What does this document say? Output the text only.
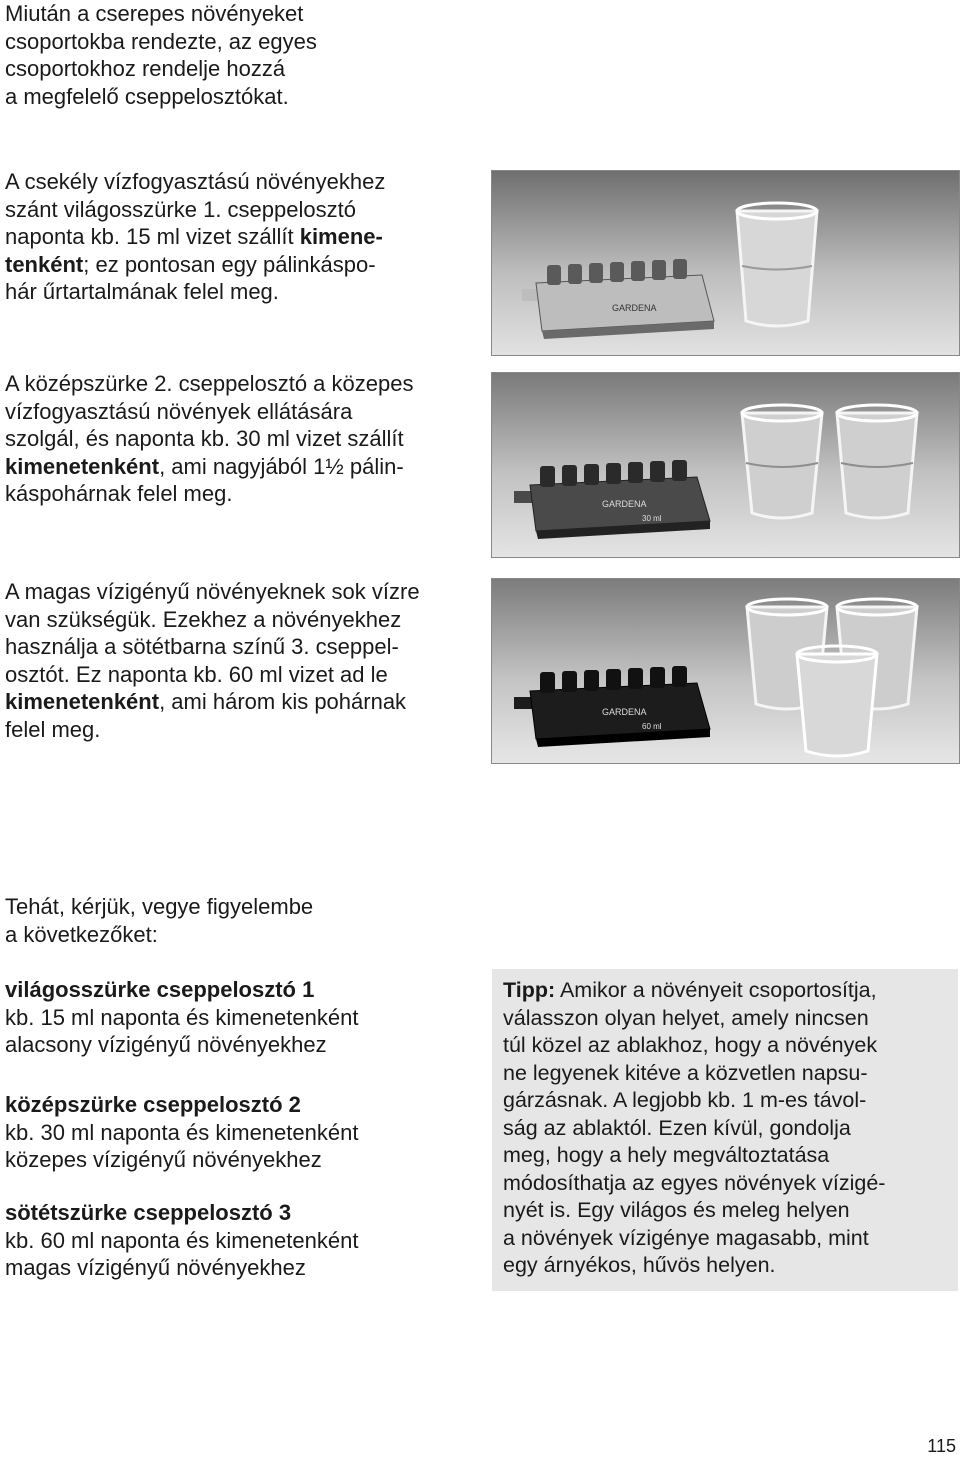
Miután a cserepes növényeket

csoportokba rendezte, az egyes

csoportokhoz rendelje hozzá

a megfelelő cseppelosztókat.

A csekély vízfogyasztású növényekhez

szánt világosszürke 1. cseppelosztó

naponta kb. 15 ml vizet szállít kimene-

tenként; ez pontosan egy pálinkáspo-

hár űrtartalmának felel meg.

A középszürke 2. cseppelosztó a közepes

vízfogyasztású növények ellátására

szolgál, és naponta kb. 30 ml vizet szállít

kimenetenként, ami nagyjából 1½ pálin-

káspohárnak felel meg.

A magas vízigényű növényeknek sok vízre

van szükségük. Ezekhez a növényekhez

használja a sötétbarna színű 3. cseppel-

osztót. Ez naponta kb. 60 ml vizet ad le

kimenetenként, ami három kis pohárnak

felel meg.

GARDENA
GARDENA
30 ml
GARDENA
60 ml

Tehát, kérjük, vegye figyelembe

a következőket:

világosszürke cseppelosztó 1

kb. 15 ml naponta és kimenetenként

alacsony vízigényű növényekhez

középszürke cseppelosztó 2

kb. 30 ml naponta és kimenetenként

közepes vízigényű növényekhez

sötétszürke cseppelosztó 3

kb. 60 ml naponta és kimenetenként

magas vízigényű növényekhez

Tipp: Amikor a növényeit csoportosítja,
válasszon olyan helyet, amely nincsen
túl közel az ablakhoz, hogy a növények
ne legyenek kitéve a közvetlen napsu-
gárzásnak. A legjobb kb. 1 m-es távol-
ság az ablaktól. Ezen kívül, gondolja
meg, hogy a hely megváltoztatása
módosíthatja az egyes növények vízigé-
nyét is. Egy világos és meleg helyen
a növények vízigénye magasabb, mint
egy árnyékos, hűvös helyen.
115
